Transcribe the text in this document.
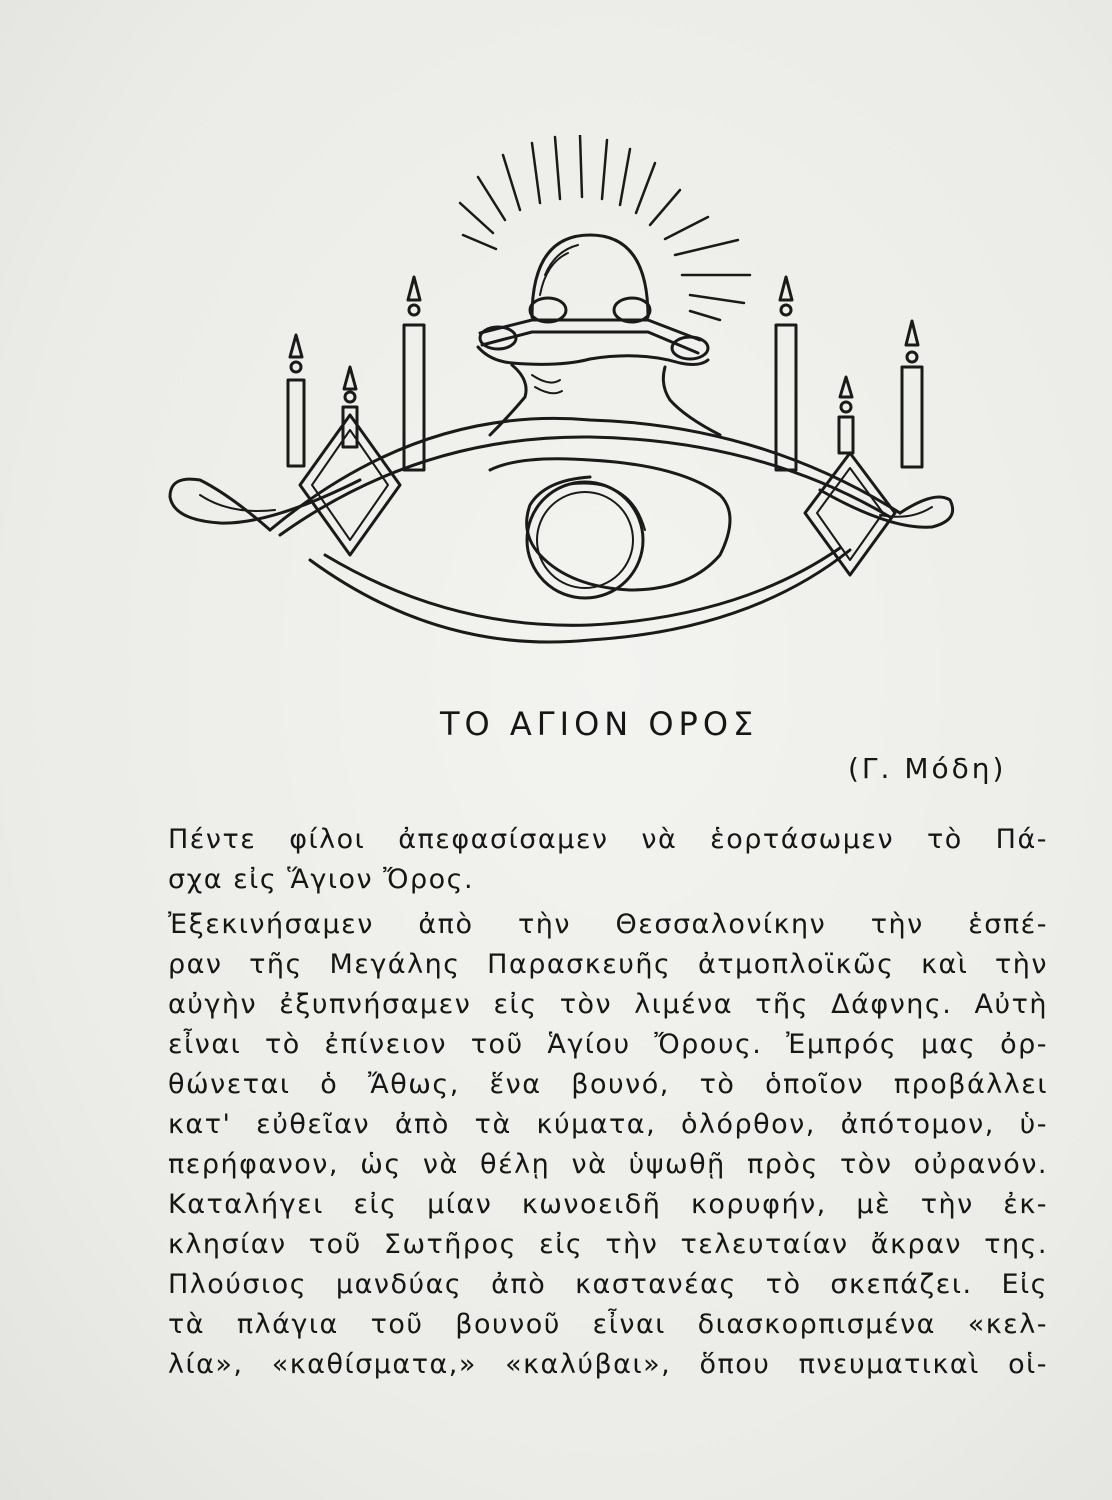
ΤΟ ΑΓΙΟΝ ΟΡΟΣ
(Γ. Μόδη)
Πέντε φίλοι ἀπεφασίσαμεν νὰ ἑορτάσωμεν τὸ Πά-
σχα εἰς Ἅγιον Ὄρος.
Ἐξεκινήσαμεν ἀπὸ τὴν Θεσσαλονίκην τὴν ἑσπέ-
ραν τῆς Μεγάλης Παρασκευῆς ἀτμοπλοϊκῶς καὶ τὴν
αὐγὴν ἐξυπνήσαμεν εἰς τὸν λιμένα τῆς Δάφνης. Αὐτὴ
εἶναι τὸ ἐπίνειον τοῦ Ἁγίου Ὄρους. Ἐμπρός μας ὀρ-
θώνεται ὁ Ἄθως, ἕνα βουνό, τὸ ὁποῖον προβάλλει
κατ' εὐθεῖαν ἀπὸ τὰ κύματα, ὁλόρθον, ἀπότομον, ὑ-
περήφανον, ὡς νὰ θέλῃ νὰ ὑψωθῇ πρὸς τὸν οὐρανόν.
Καταλήγει εἰς μίαν κωνοειδῆ κορυφήν, μὲ τὴν ἐκ-
κλησίαν τοῦ Σωτῆρος εἰς τὴν τελευταίαν ἄκραν της.
Πλούσιος μανδύας ἀπὸ καστανέας τὸ σκεπάζει. Εἰς
τὰ πλάγια τοῦ βουνοῦ εἶναι διασκορπισμένα «κελ-
λία», «καθίσματα,» «καλύβαι», ὅπου πνευματικαὶ οἱ-
